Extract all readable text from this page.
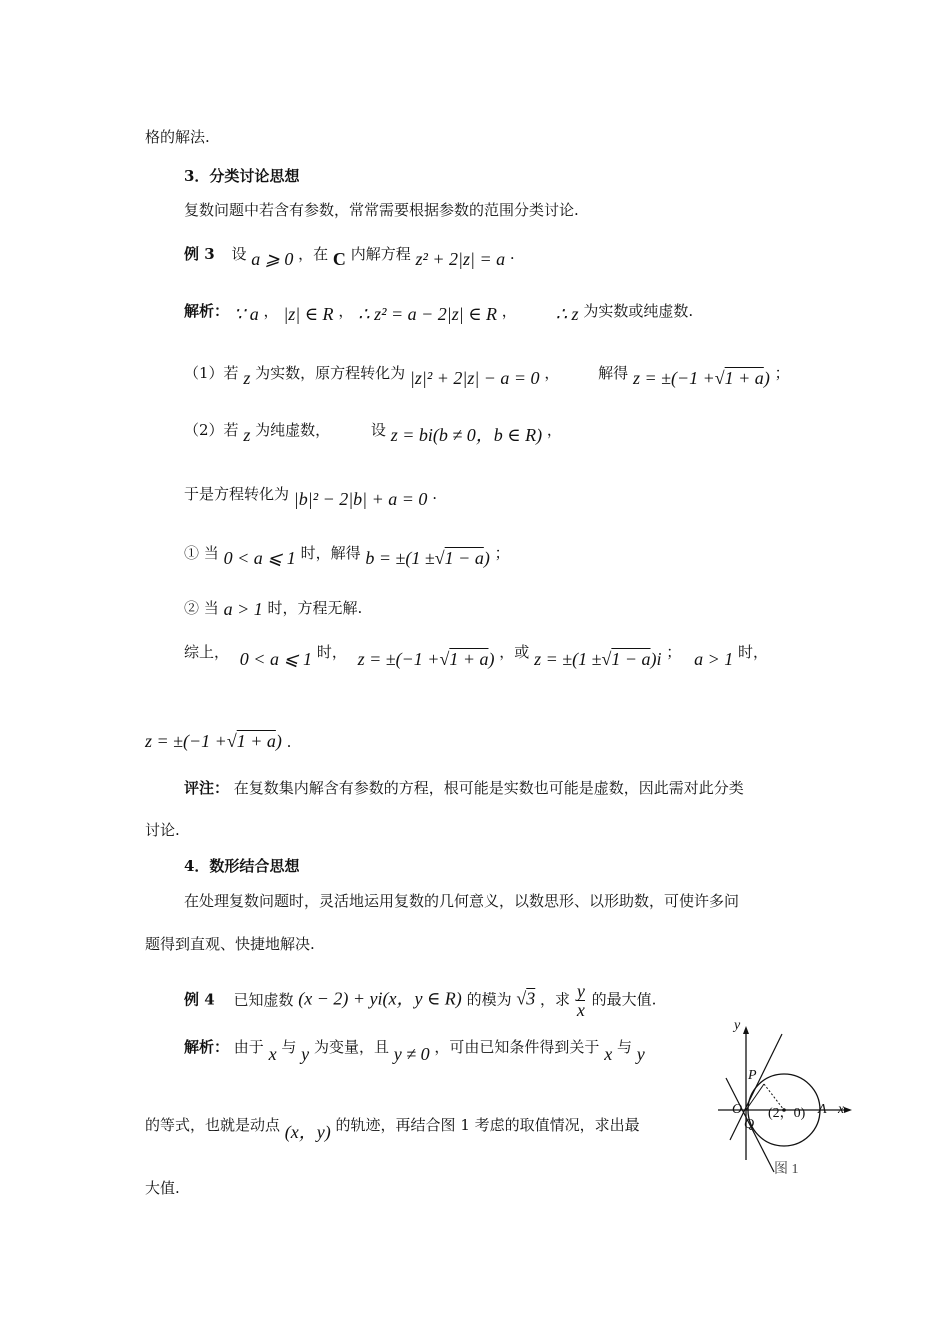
格的解法.
3．分类讨论思想
复数问题中若含有参数，常常需要根据参数的范围分类讨论.
例 3 设 a ⩾ 0 ，在 C 内解方程 z² + 2|z| = a .
解析： ∵ a ， |z| ∈ R ， ∴ z² = a − 2|z| ∈ R ， ∴ z 为实数或纯虚数.
（1）若 z 为实数，原方程转化为 |z|² + 2|z| − a = 0 ，	解得 z = ±(−1 +√1 + a) ；
（2）若 z 为纯虚数，	设 z = bi(b ≠ 0，b ∈ R) ，
于是方程转化为 |b|² − 2|b| + a = 0 .
① 当 0 < a ⩽ 1 时，解得 b = ±(1 ±√1 − a) ；
② 当 a > 1 时，方程无解.
综上， 0 < a ⩽ 1 时， z = ±(−1 +√1 + a) ，或 z = ±(1 ±√1 − a)i ； a > 1 时，
z = ±(−1 +√1 + a) .
评注： 在复数集内解含有参数的方程，根可能是实数也可能是虚数，因此需对此分类
讨论.
4．数形结合思想
在处理复数问题时，灵活地运用复数的几何意义，以数思形、以形助数，可使许多问
题得到直观、快捷地解决.
例 4 已知虚数 (x − 2) + yi(x，y ∈ R) 的模为 √3 ，求 $\frac{y}{x}$ 的最大值.
解析： 由于 x 与 y 为变量，且 y ≠ 0 ，可由已知条件得到关于 x 与 y
的等式，也就是动点 (x，y) 的轨迹，再结合图 1 考虑的取值情况，求出最
大值.
y
x
O
P
Q
A
(2，0)
图 1
